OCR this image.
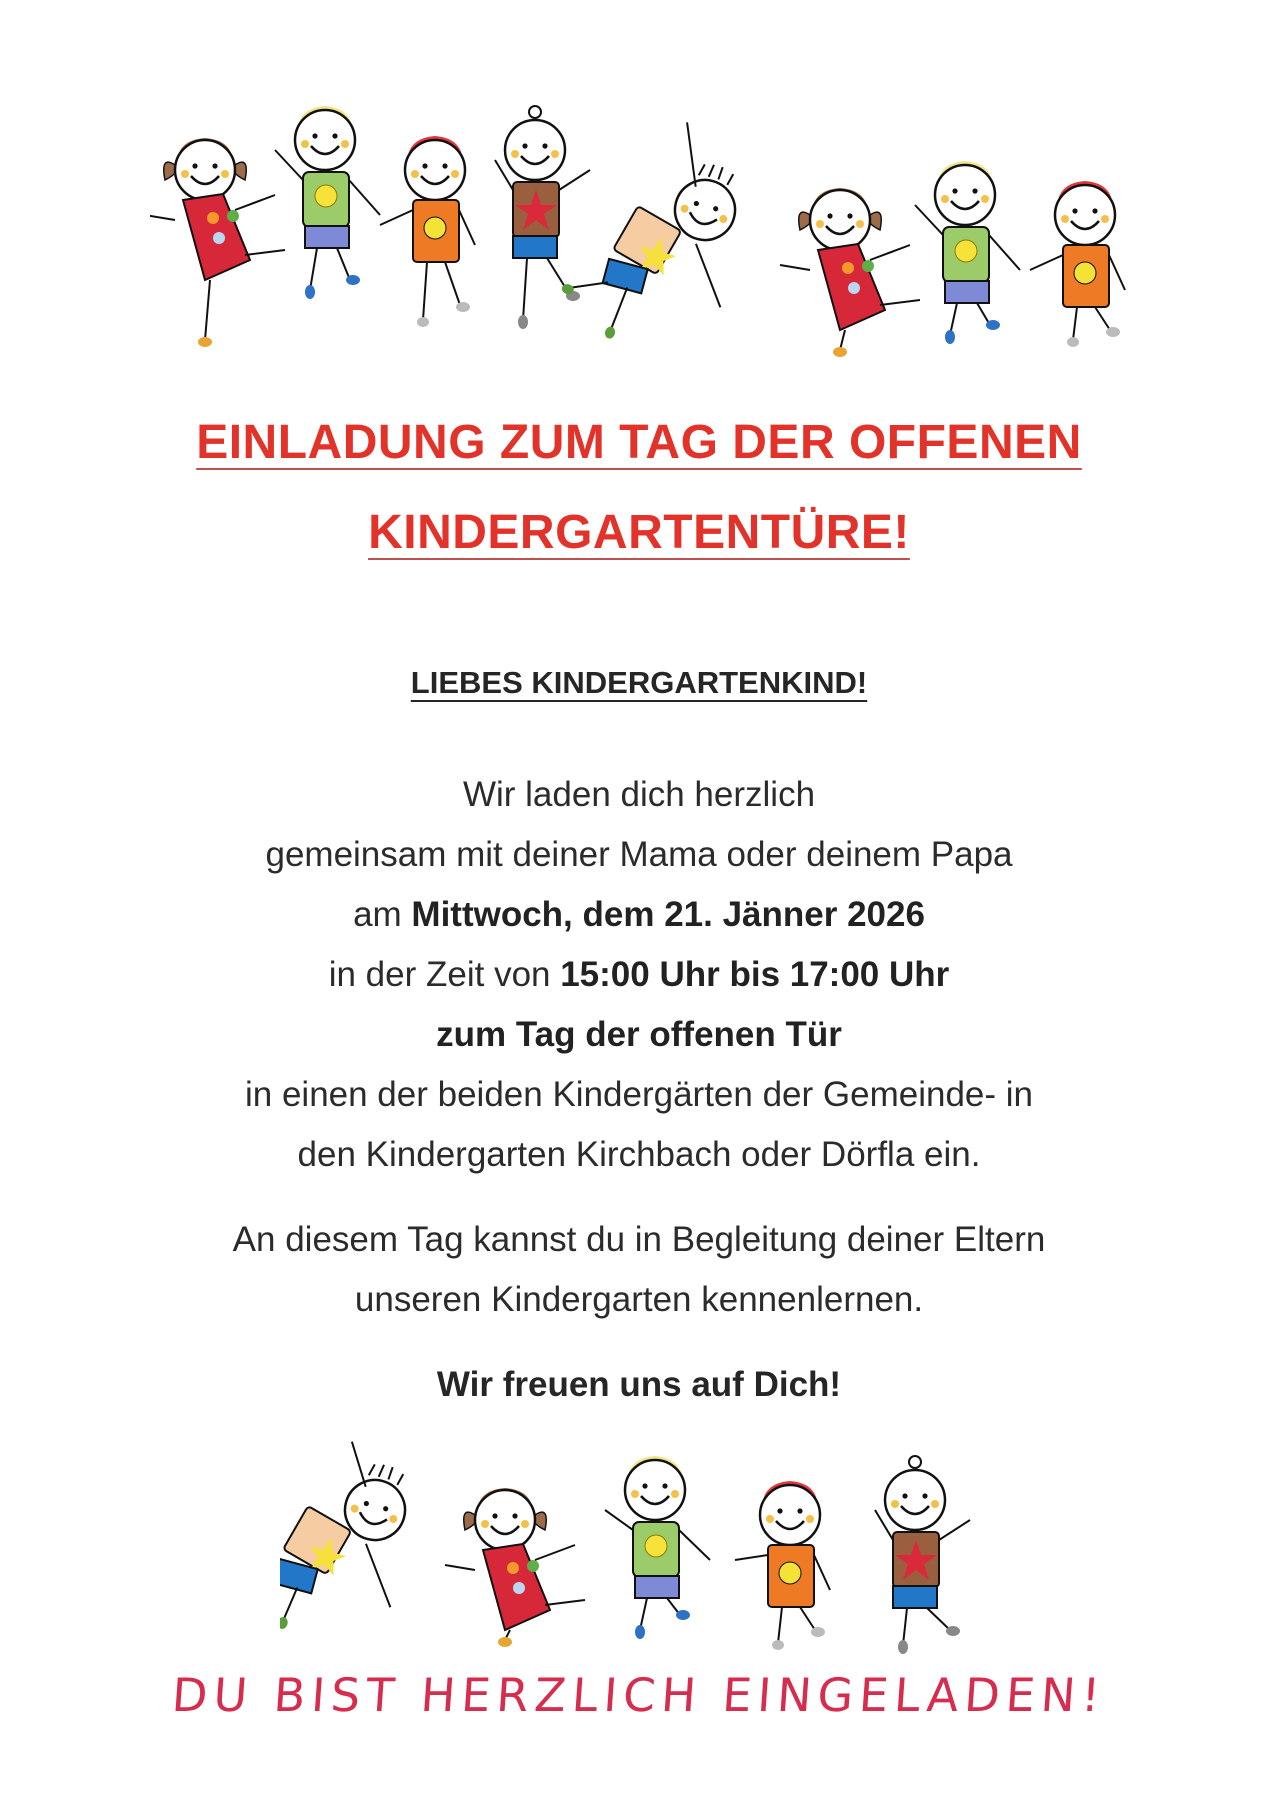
EINLADUNG ZUM TAG DER OFFENEN
KINDERGARTENTÜRE!
LIEBES KINDERGARTENKIND!
Wir laden dich herzlich
gemeinsam mit deiner Mama oder deinem Papa
am Mittwoch, dem 21. Jänner 2026
in der Zeit von 15:00 Uhr bis 17:00 Uhr
zum Tag der offenen Tür
in einen der beiden Kindergärten der Gemeinde- in
den Kindergarten Kirchbach oder Dörfla ein.
An diesem Tag kannst du in Begleitung deiner Eltern
unseren Kindergarten kennenlernen.
Wir freuen uns auf Dich!
DU BIST HERZLICH EINGELADEN!
